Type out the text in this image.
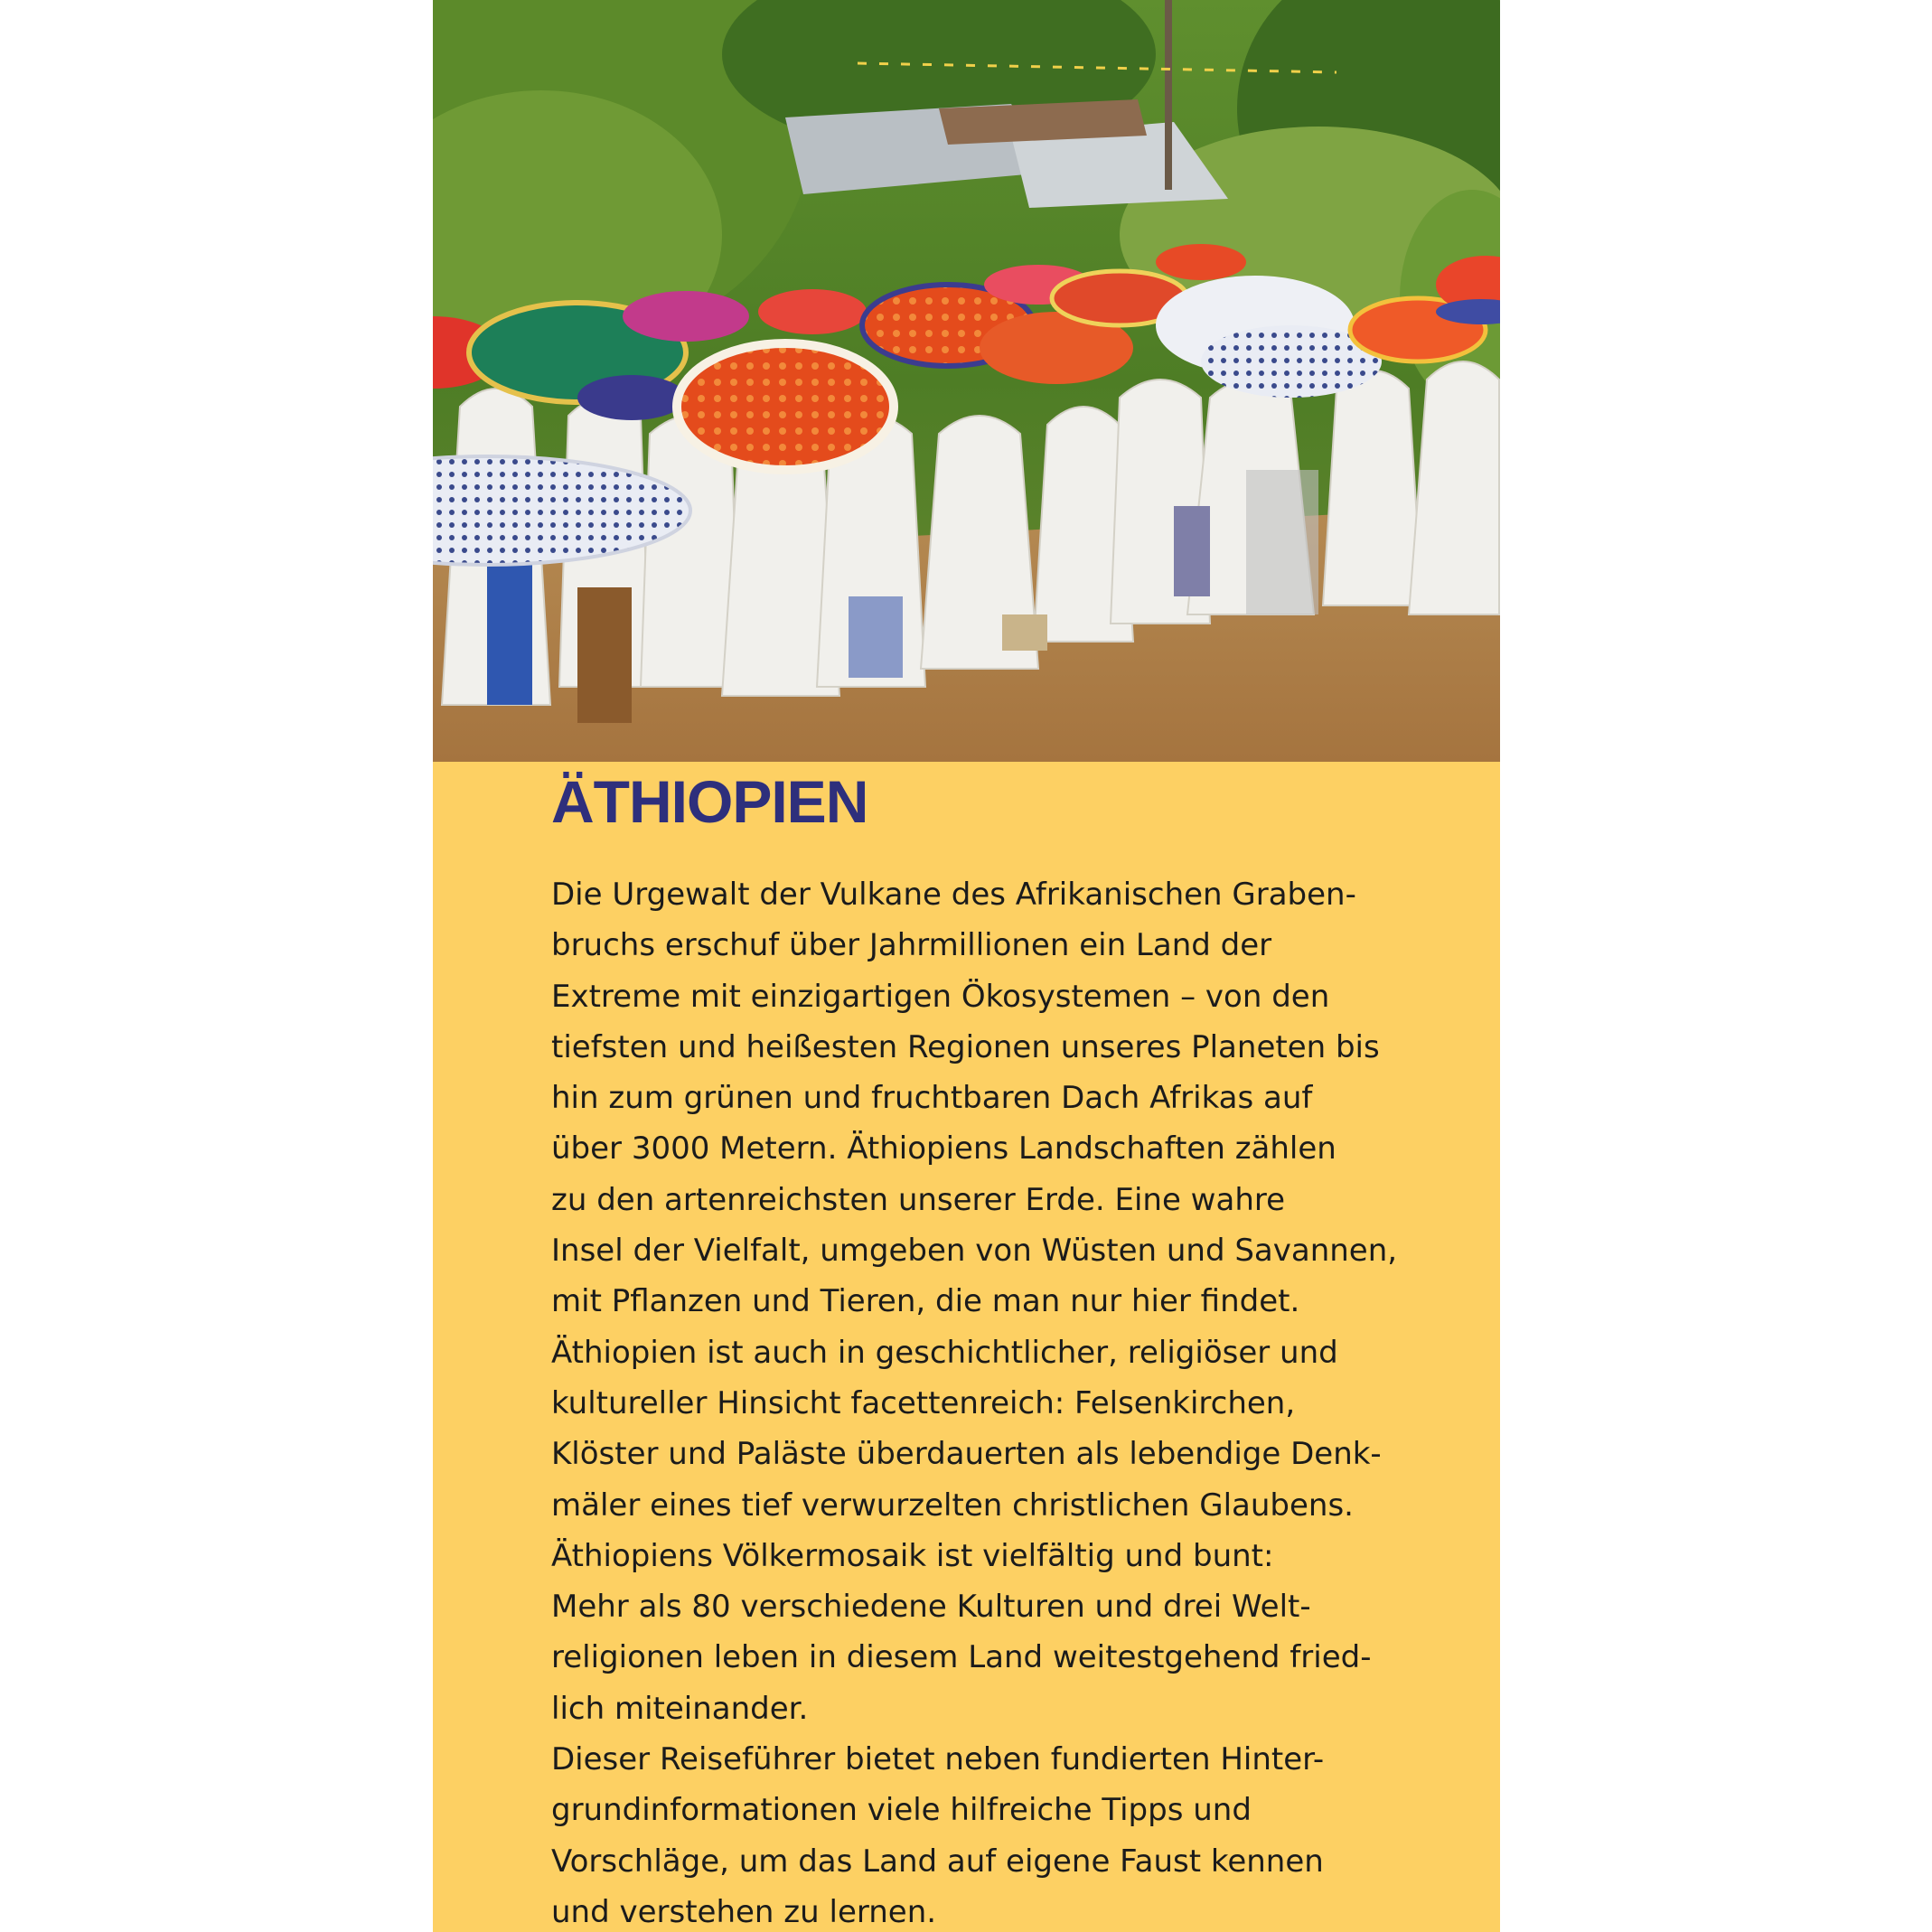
ÄTHIOPIEN
Die Urgewalt der Vulkane des Afrikanischen Graben-
bruchs erschuf über Jahrmillionen ein Land der
Extreme mit einzigartigen Ökosystemen – von den
tiefsten und heißesten Regionen unseres Planeten bis
hin zum grünen und fruchtbaren Dach Afrikas auf
über 3000 Metern. Äthiopiens Landschaften zählen
zu den artenreichsten unserer Erde. Eine wahre
Insel der Vielfalt, umgeben von Wüsten und Savannen,
mit Pflanzen und Tieren, die man nur hier findet.
Äthiopien ist auch in geschichtlicher, religiöser und
kultureller Hinsicht facettenreich: Felsenkirchen,
Klöster und Paläste überdauerten als lebendige Denk-
mäler eines tief verwurzelten christlichen Glaubens.
Äthiopiens Völkermosaik ist vielfältig und bunt:
Mehr als 80 verschiedene Kulturen und drei Welt-
religionen leben in diesem Land weitestgehend fried-
lich miteinander.
Dieser Reiseführer bietet neben fundierten Hinter-
grundinformationen viele hilfreiche Tipps und
Vorschläge, um das Land auf eigene Faust kennen
und verstehen zu lernen.
